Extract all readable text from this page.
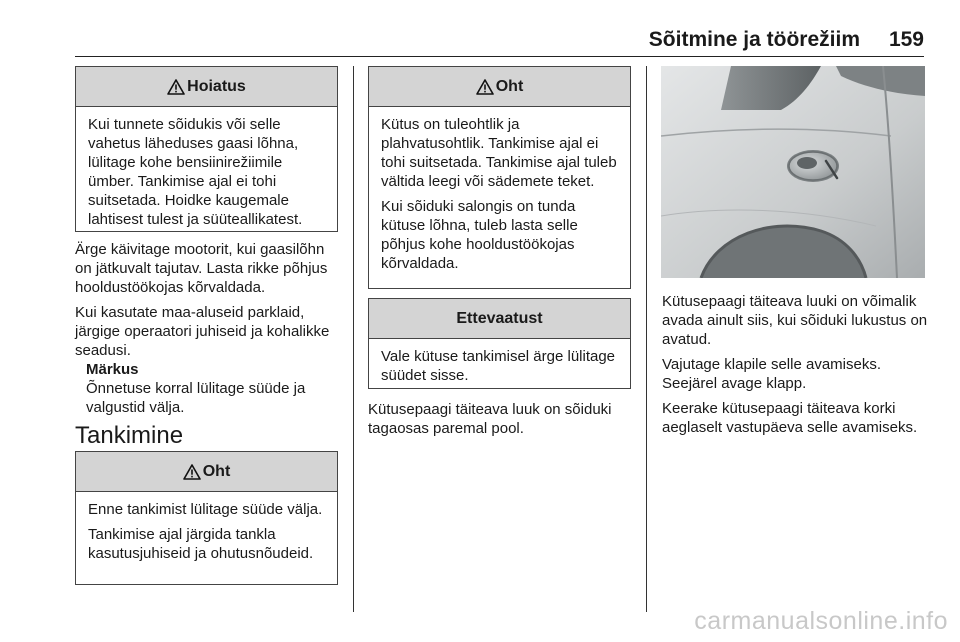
Sõitmine ja töörežiim 159
Hoiatus

Kui tunnete sõidukis või selle vahetus läheduses gaasi lõhna, lülitage kohe bensiinirežiimile ümber. Tankimise ajal ei tohi suitsetada. Hoidke kaugemale lahtisest tulest ja süüteallikatest.

Ärge käivitage mootorit, kui gaasilõhn on jätkuvalt tajutav. Lasta rikke põhjus hooldustöökojas kõrvaldada.

Kui kasutate maa-aluseid parklaid, järgige operaatori juhiseid ja kohalikke seadusi.

Märkus
Õnnetuse korral lülitage süüde ja valgustid välja.
Tankimine
Oht

Enne tankimist lülitage süüde välja.

Tankimise ajal järgida tankla kasutusjuhiseid ja ohutusnõudeid.

Oht

Kütus on tuleohtlik ja plahvatusohtlik. Tankimise ajal ei tohi suitsetada. Tankimise ajal tuleb vältida leegi või sädemete teket.

Kui sõiduki salongis on tunda kütuse lõhna, tuleb lasta selle põhjus kohe hooldustöökojas kõrvaldada.

Ettevaatust

Vale kütuse tankimisel ärge lülitage süüdet sisse.

Kütusepaagi täiteava luuk on sõiduki tagaosas paremal pool.

Kütusepaagi täiteava luuki on võimalik avada ainult siis, kui sõiduki lukustus on avatud.

Vajutage klapile selle avamiseks. Seejärel avage klapp.

Keerake kütusepaagi täiteava korki aeglaselt vastupäeva selle avamiseks.

carmanualsonline.info
